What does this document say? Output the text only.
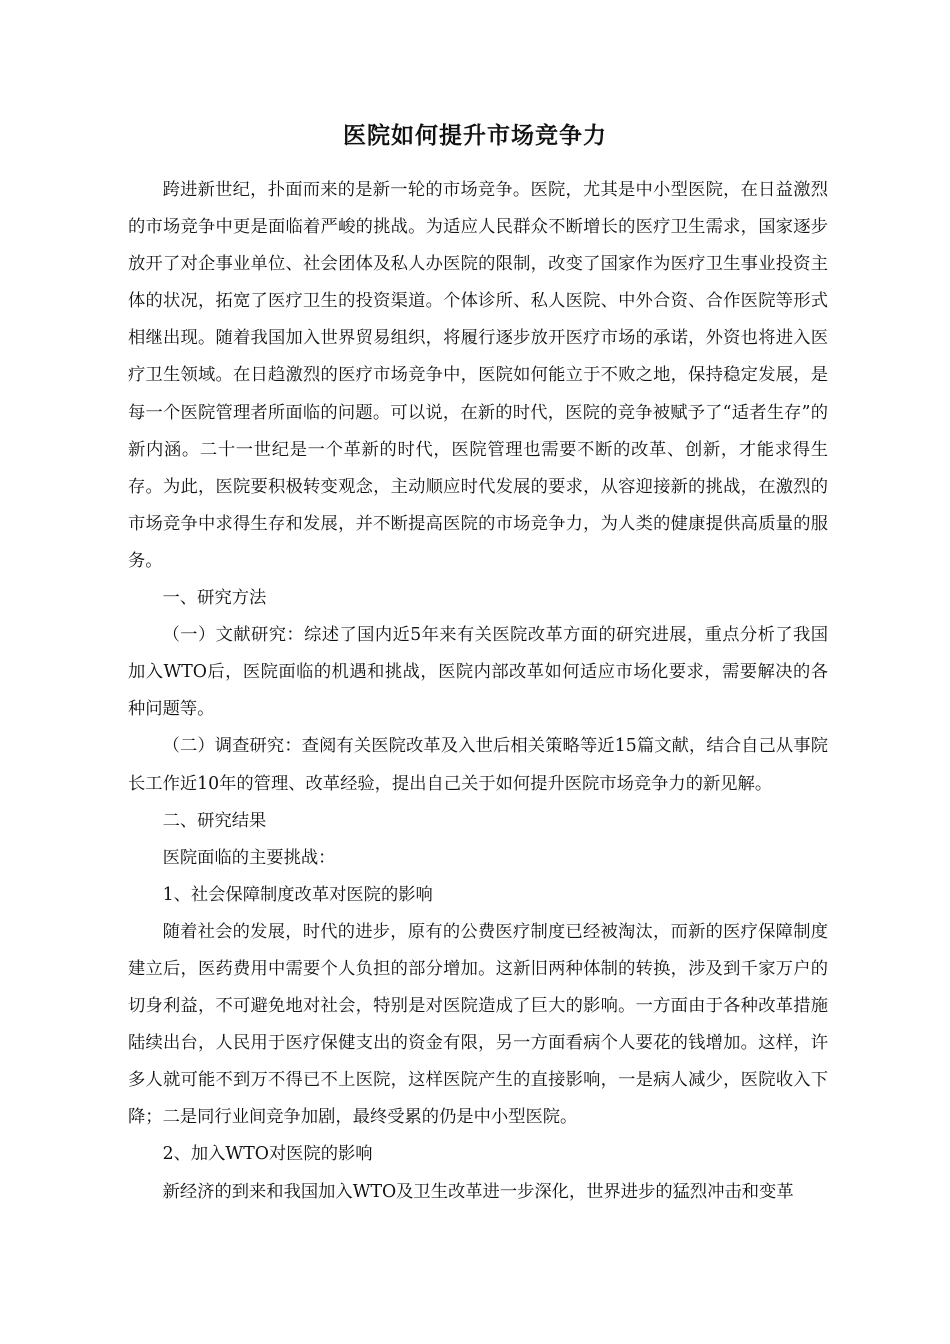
医院如何提升市场竞争力

跨进新世纪，扑面而来的是新一轮的市场竞争。医院，尤其是中小型医院，在日益激烈的市场竞争中更是面临着严峻的挑战。为适应人民群众不断增长的医疗卫生需求，国家逐步放开了对企事业单位、社会团体及私人办医院的限制，改变了国家作为医疗卫生事业投资主体的状况，拓宽了医疗卫生的投资渠道。个体诊所、私人医院、中外合资、合作医院等形式相继出现。随着我国加入世界贸易组织，将履行逐步放开医疗市场的承诺，外资也将进入医疗卫生领域。在日趋激烈的医疗市场竞争中，医院如何能立于不败之地，保持稳定发展，是每一个医院管理者所面临的问题。可以说，在新的时代，医院的竞争被赋予了“适者生存”的新内涵。二十一世纪是一个革新的时代，医院管理也需要不断的改革、创新，才能求得生存。为此，医院要积极转变观念，主动顺应时代发展的要求，从容迎接新的挑战，在激烈的市场竞争中求得生存和发展，并不断提高医院的市场竞争力，为人类的健康提供高质量的服务。

一、研究方法

（一）文献研究：综述了国内近5年来有关医院改革方面的研究进展，重点分析了我国加入WTO后，医院面临的机遇和挑战，医院内部改革如何适应市场化要求，需要解决的各种问题等。

（二）调查研究：查阅有关医院改革及入世后相关策略等近15篇文献，结合自己从事院长工作近10年的管理、改革经验，提出自己关于如何提升医院市场竞争力的新见解。

二、研究结果

医院面临的主要挑战：

1、社会保障制度改革对医院的影响

随着社会的发展，时代的进步，原有的公费医疗制度已经被淘汰，而新的医疗保障制度建立后，医药费用中需要个人负担的部分增加。这新旧两种体制的转换，涉及到千家万户的切身利益，不可避免地对社会，特别是对医院造成了巨大的影响。一方面由于各种改革措施陆续出台，人民用于医疗保健支出的资金有限，另一方面看病个人要花的钱增加。这样，许多人就可能不到万不得已不上医院，这样医院产生的直接影响，一是病人减少，医院收入下降；二是同行业间竞争加剧，最终受累的仍是中小型医院。

2、加入WTO对医院的影响

新经济的到来和我国加入WTO及卫生改革进一步深化，世界进步的猛烈冲击和变革
